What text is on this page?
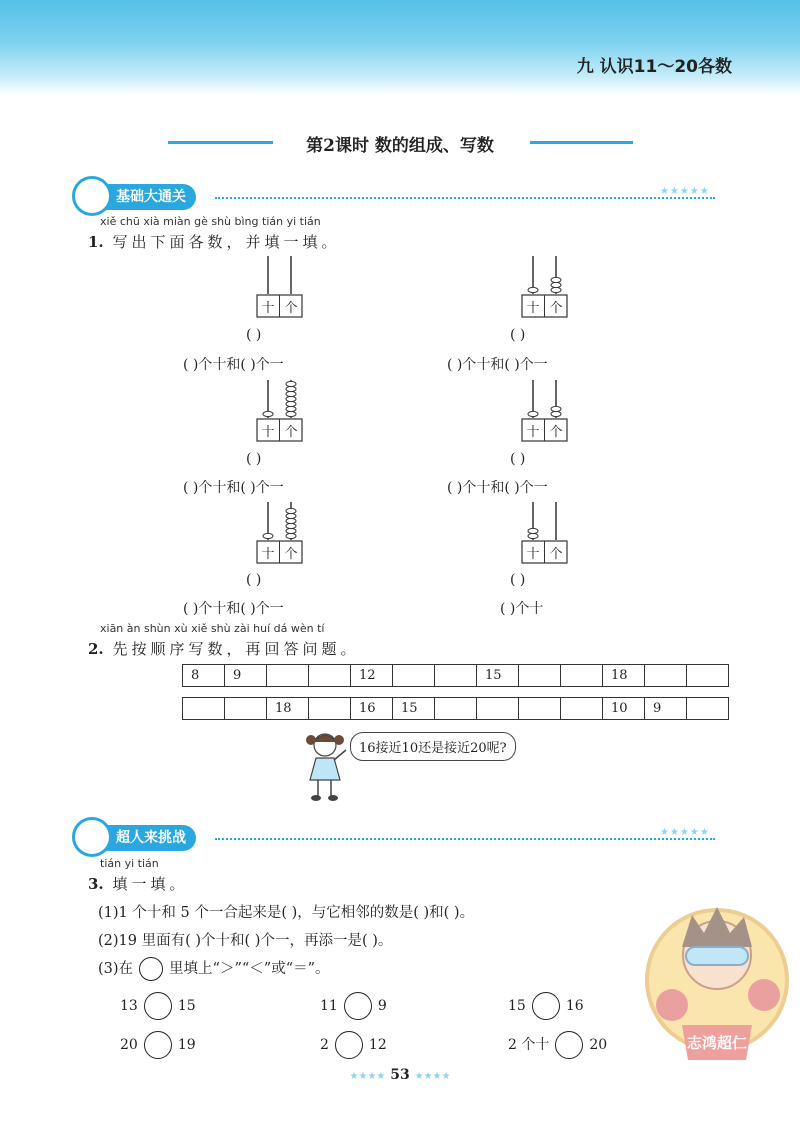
九 认识11～20各数
第2课时 数的组成、写数
基础大通关	★★★★★
xiě chū xià miàn gè shù bìng tián yi tián
1. 写出下面各数，并填一填。
十 个	十 个
十 个	十 个
十 个	十 个
( )	( )
( )个十和( )个一	( )个十和( )个一
( )	( )
( )个十和( )个一	( )个十和( )个一
( )	( )
( )个十和( )个一	( )个十
xiān àn shùn xù xiě shù zài huí dá wèn tí
2. 先按顺序写数，再回答问题。
8	9			12			15			18		
		18		16	15					10	9	
16接近10还是接近20呢?
超人来挑战	★★★★★
tián yi tián
3. 填一填。
(1)1 个十和 5 个一合起来是( )，与它相邻的数是( )和( )。
(2)19 里面有( )个十和( )个一，再添一是( )。
(3)在 里填上“＞”“＜”或“＝”。
13	15	11	9	15	16
20	19	2	12	2 个十	20	志鸿超仁
★★★★ 53 ★★★★
